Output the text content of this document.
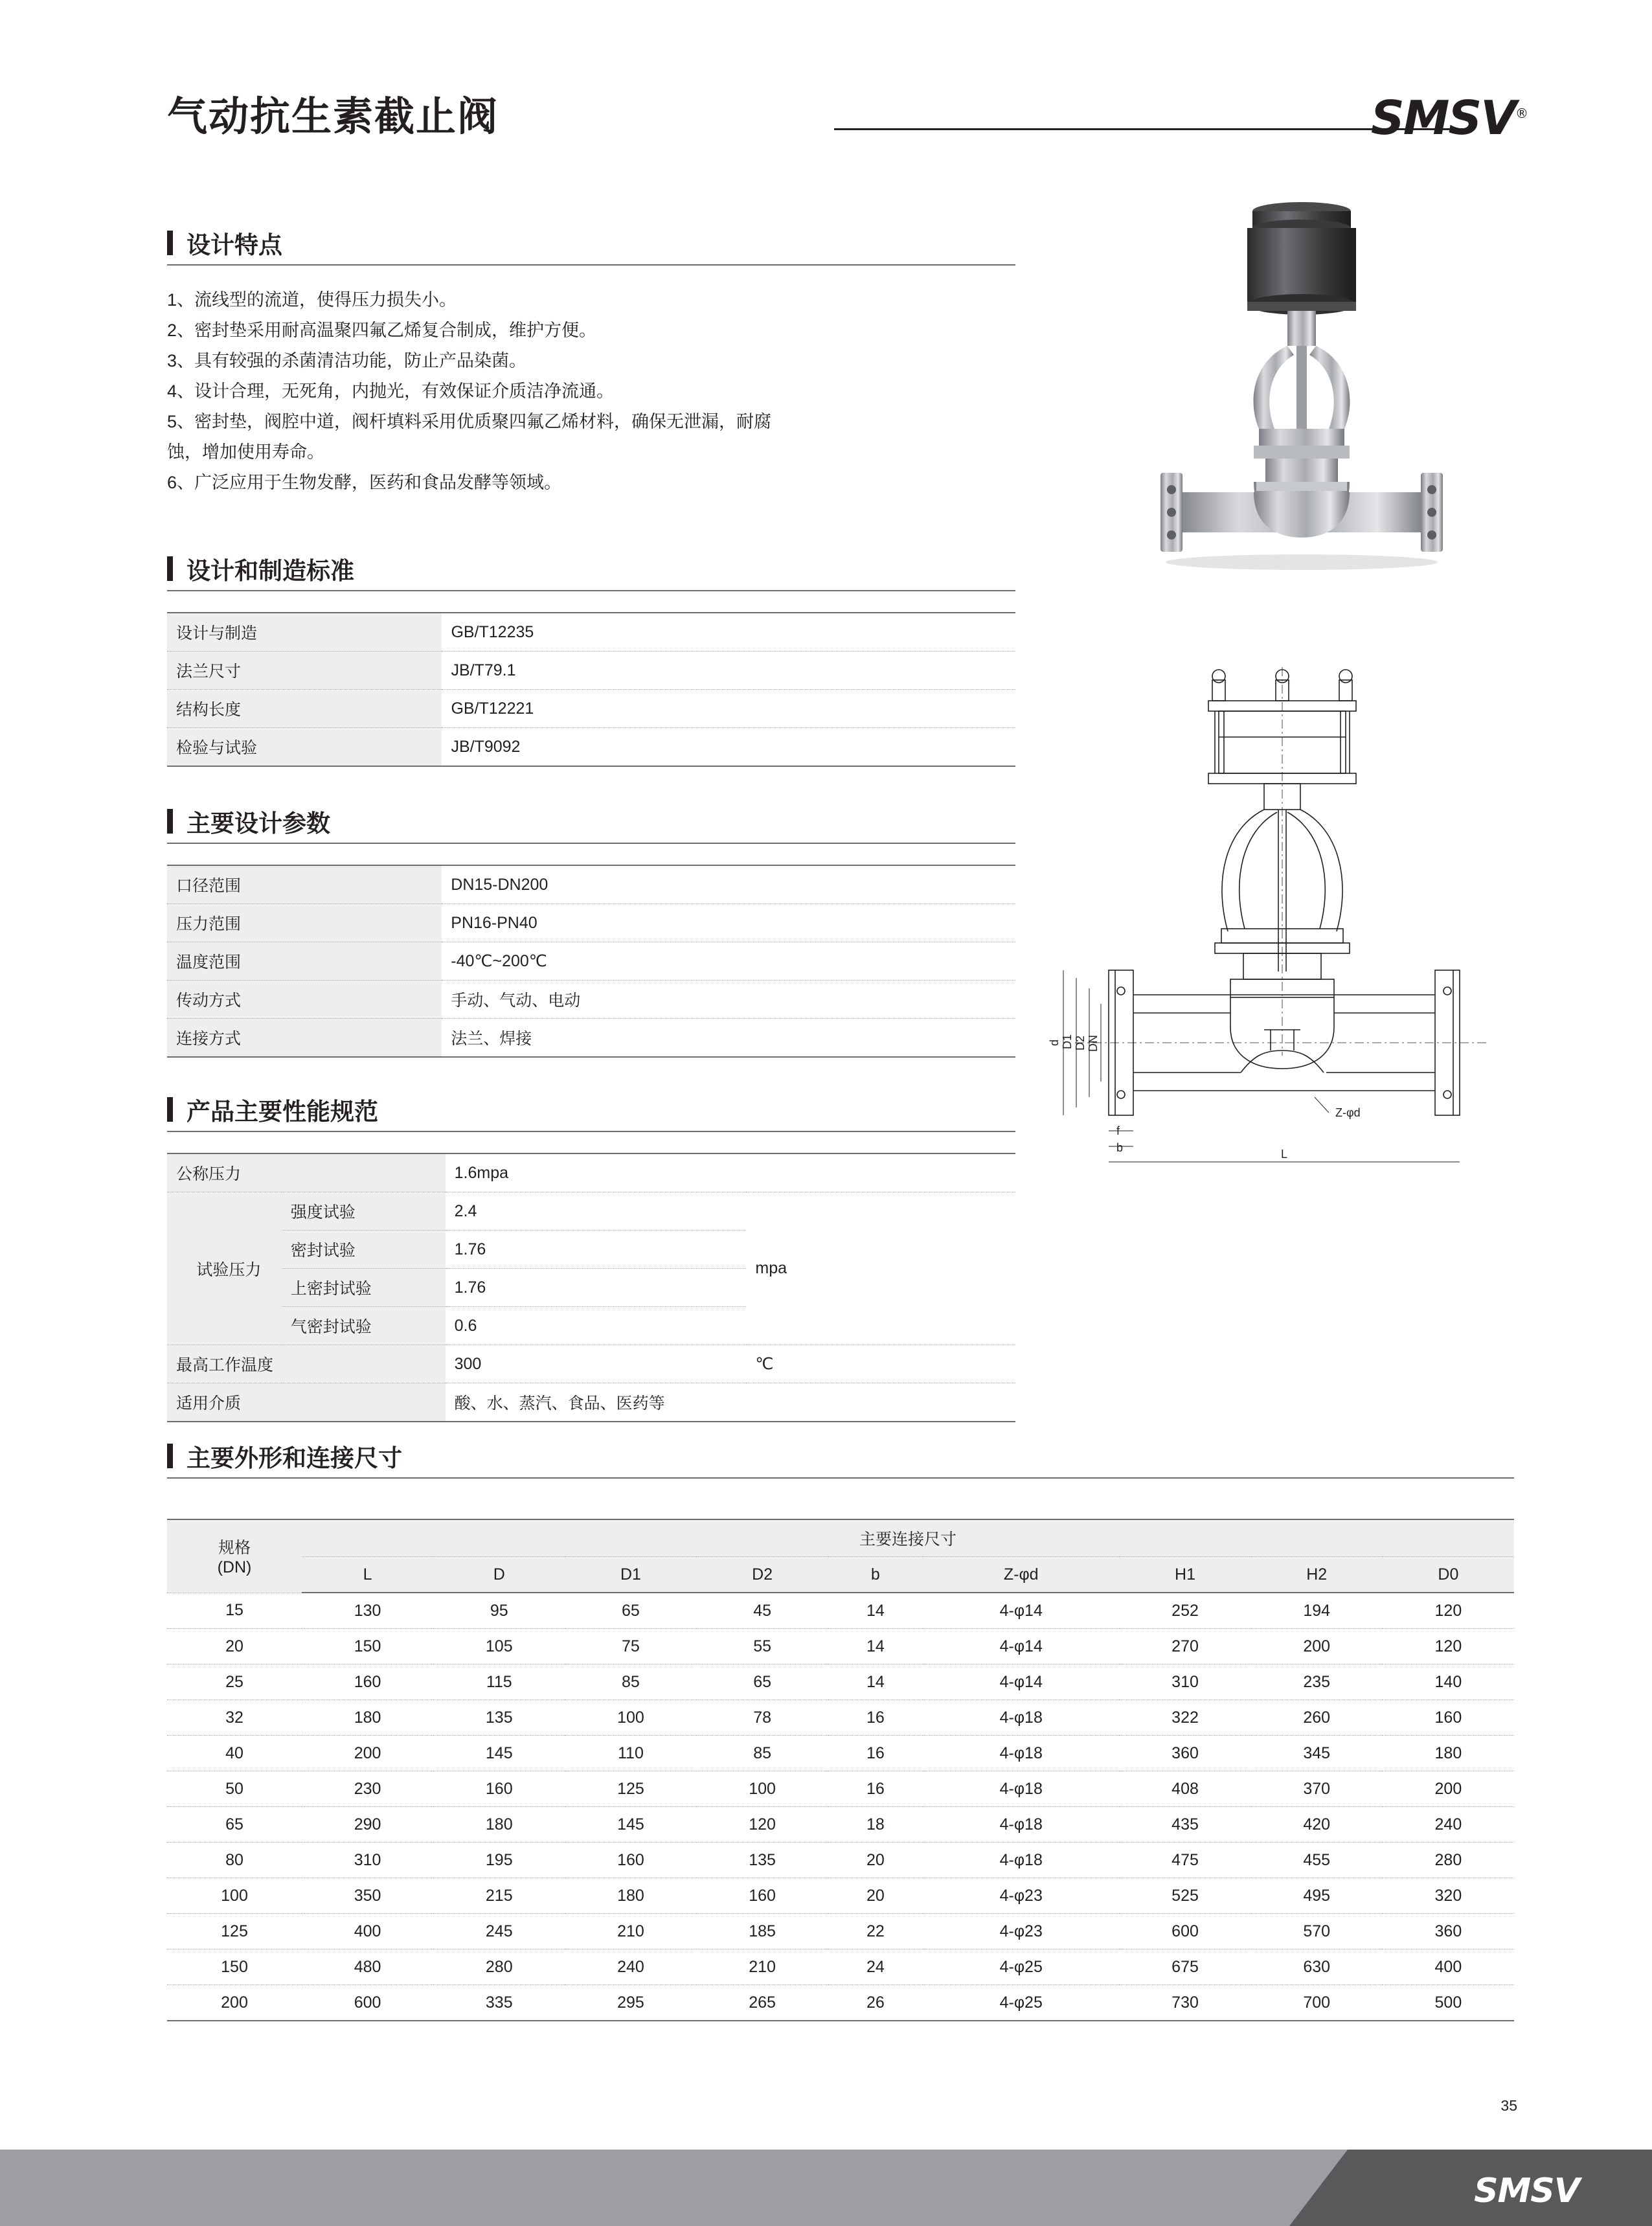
气动抗生素截止阀	SMSV®
设计特点
1、流线型的流道，使得压力损失小。
2、密封垫采用耐高温聚四氟乙烯复合制成，维护方便。
3、具有较强的杀菌清洁功能，防止产品染菌。
4、设计合理，无死角，内抛光，有效保证介质洁净流通。
5、密封垫，阀腔中道，阀杆填料采用优质聚四氟乙烯材料，确保无泄漏，耐腐
蚀，增加使用寿命。
6、广泛应用于生物发酵，医药和食品发酵等领域。
设计和制造标准
设计与制造	GB/T12235
法兰尺寸	JB/T79.1
结构长度	GB/T12221
检验与试验	JB/T9092
主要设计参数
口径范围	DN15-DN200
压力范围	PN16-PN40
温度范围	-40℃~200℃
传动方式	手动、气动、电动
连接方式	法兰、焊接
产品主要性能规范
公称压力		1.6mpa	
试验压力	强度试验	2.4	mpa
	密封试验	1.76	
	上密封试验	1.76	
	气密封试验	0.6	
最高工作温度		300	℃
适用介质		酸、水、蒸汽、食品、医药等	
主要外形和连接尺寸
规格
(DN)	主要连接尺寸								
	L	D	D1	D2	b	Z-φd	H1	H2	D0
15	130	95	65	45	14	4-φ14	252	194	120
20	150	105	75	55	14	4-φ14	270	200	120
25	160	115	85	65	14	4-φ14	310	235	140
32	180	135	100	78	16	4-φ18	322	260	160
40	200	145	110	85	16	4-φ18	360	345	180
50	230	160	125	100	16	4-φ18	408	370	200
65	290	180	145	120	18	4-φ18	435	420	240
80	310	195	160	135	20	4-φ18	475	455	280
100	350	215	180	160	20	4-φ23	525	495	320
125	400	245	210	185	22	4-φ23	600	570	360
150	480	280	240	210	24	4-φ25	675	630	400
200	600	335	295	265	26	4-φ25	730	700	500
d D1 D2 DN
f
b	L
Z-φd
35
SMSV
